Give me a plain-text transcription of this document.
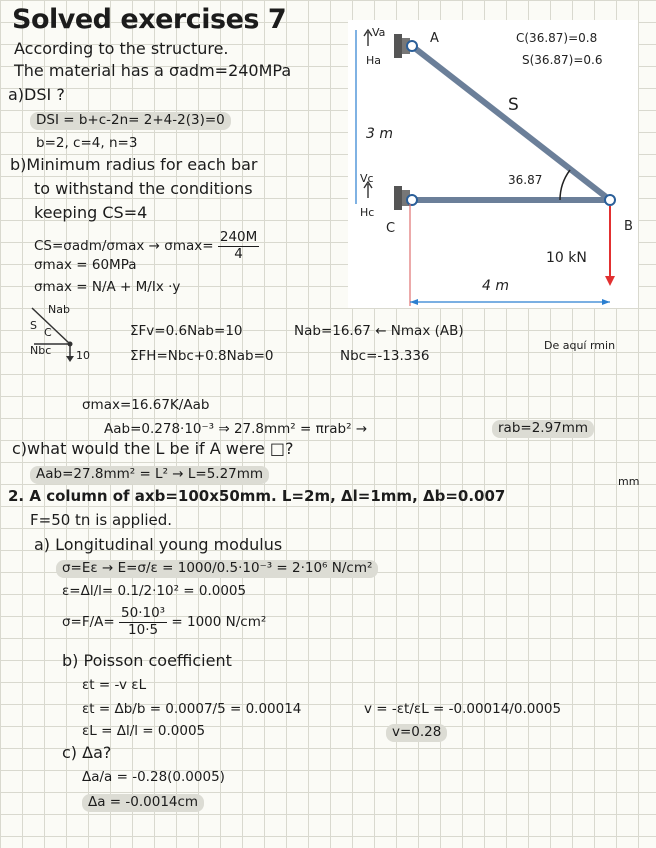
Solved exercises 7
According to the structure.
The material has a σadm=240MPa
a)DSI ?
DSI = b+c-2n= 2+4-2(3)=0
b=2, c=4, n=3
b)Minimum radius for each bar
to withstand the conditions
keeping CS=4
$CS=\sigma adm/\sigma\max \to \sigma\max= \frac{240M}{4}$
σmax = 60MPa
σmax = N/A + M/Ix ·y
Nab
Nbc
S
C
10
ΣFv=0.6Nab=10	Nab=16.67 ← Nmax (AB)
De aquí rmin
ΣFH=Nbc+0.8Nab=0	Nbc=-13.336
σmax=16.67K/Aab
Aab=0.278·10⁻³ ⇒ 27.8mm² = πrab² →	rab=2.97mm
c)what would the L be if A were □?
Aab=27.8mm² = L² → L=5.27mm	mm
2. A column of axb=100x50mm. L=2m, Δl=1mm, Δb=0.007
F=50 tn is applied.
a) Longitudinal young modulus
σ=Eε → E=σ/ε = 1000/0.5·10⁻³ = 2·10⁶ N/cm²
ε=Δl/l= 0.1/2·10² = 0.0005
$\sigma=F/A= \frac{\text{50·10³}}{10\cdot 5} = 1000$ N/cm²
b) Poisson coefficient
εt = -v εL
εt = Δb/b = 0.0007/5 = 0.00014	v = -εt/εL = -0.00014/0.0005
εL = Δl/l = 0.0005	v=0.28
c) Δa?
Δa/a = -0.28(0.0005)
Δa = -0.0014cm
Va
Ha
A
Vc
Hc
C	B
S
36.87
3 m
4 m
10 kN
C(36.87)=0.8
S(36.87)=0.6
